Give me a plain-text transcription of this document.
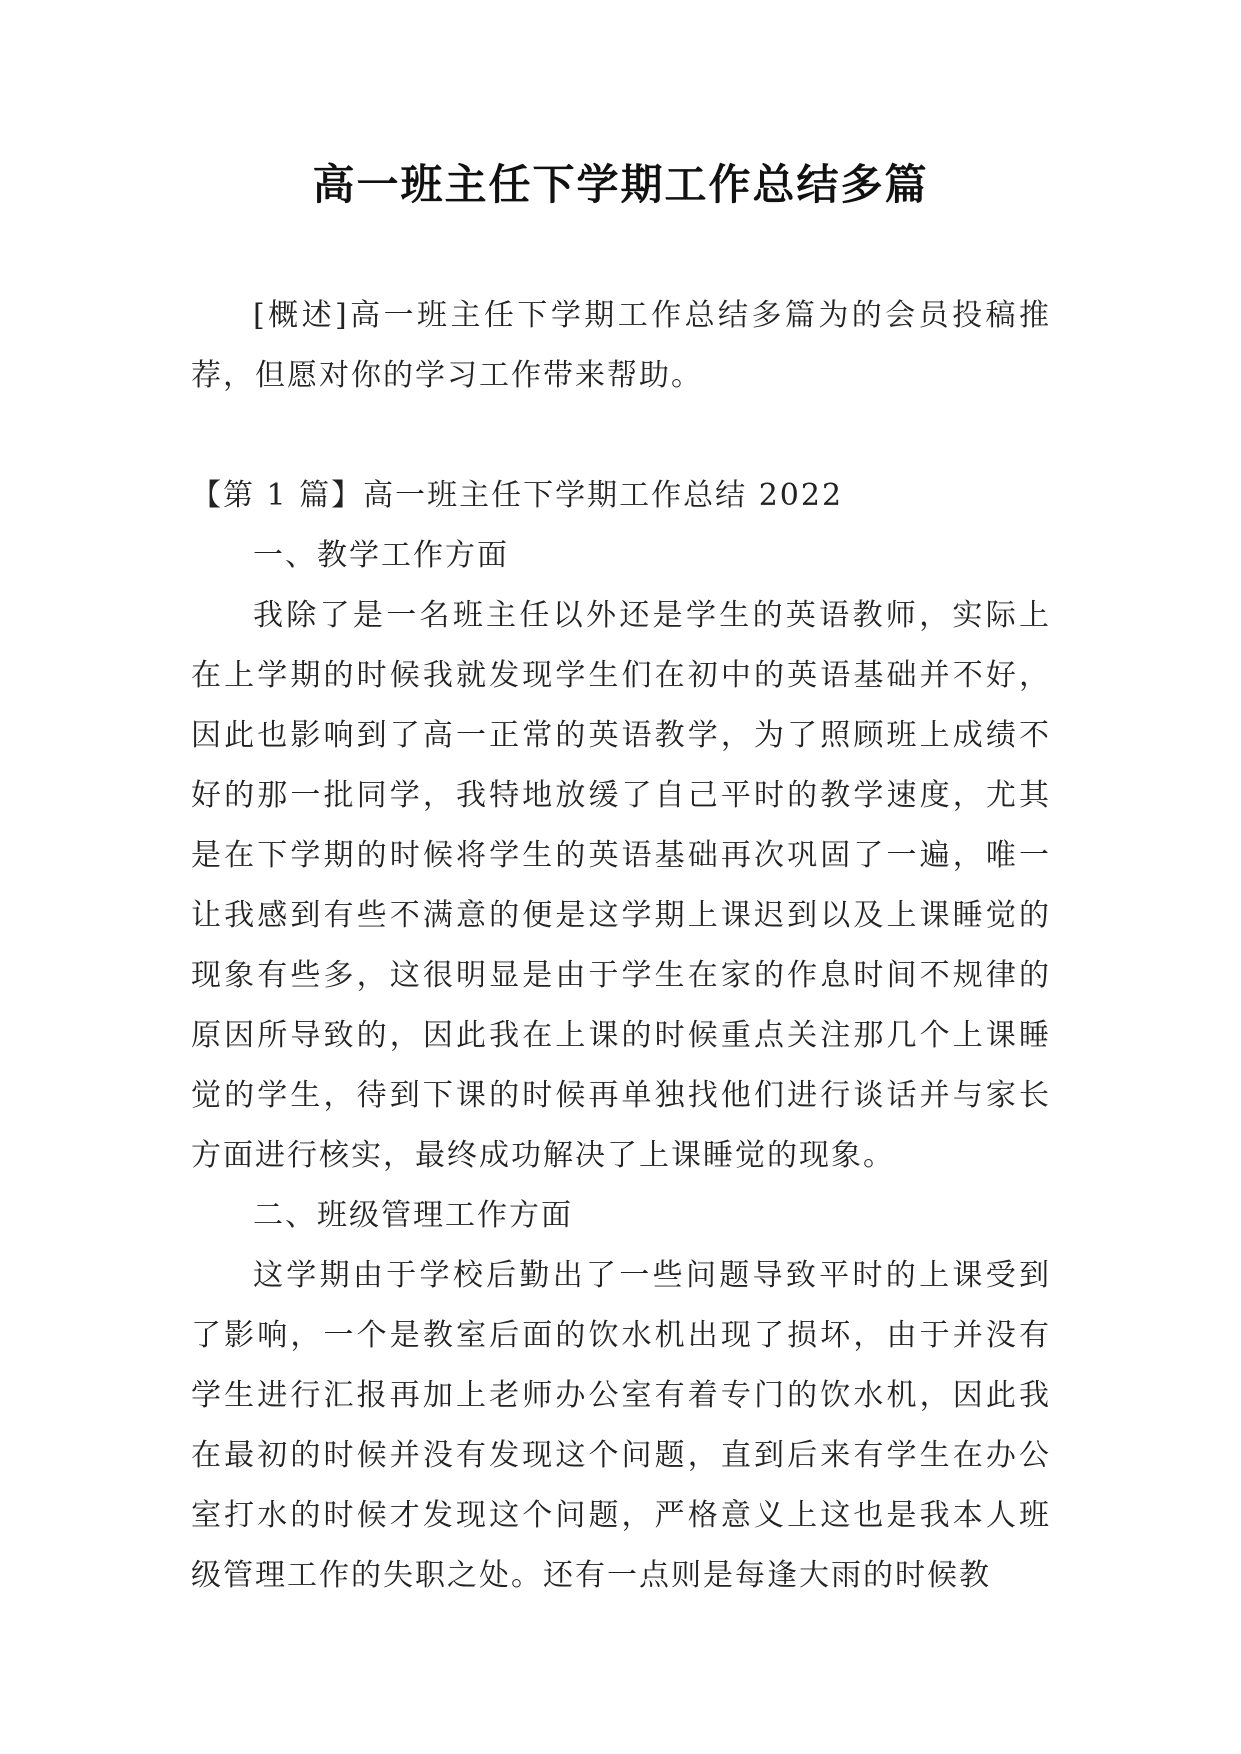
高一班主任下学期工作总结多篇

[概述]高一班主任下学期工作总结多篇为的会员投稿推荐，但愿对你的学习工作带来帮助。

【第 1 篇】高一班主任下学期工作总结 2022

一、教学工作方面

我除了是一名班主任以外还是学生的英语教师，实际上在上学期的时候我就发现学生们在初中的英语基础并不好，因此也影响到了高一正常的英语教学，为了照顾班上成绩不好的那一批同学，我特地放缓了自己平时的教学速度，尤其是在下学期的时候将学生的英语基础再次巩固了一遍，唯一让我感到有些不满意的便是这学期上课迟到以及上课睡觉的现象有些多，这很明显是由于学生在家的作息时间不规律的原因所导致的，因此我在上课的时候重点关注那几个上课睡觉的学生，待到下课的时候再单独找他们进行谈话并与家长方面进行核实，最终成功解决了上课睡觉的现象。

二、班级管理工作方面

这学期由于学校后勤出了一些问题导致平时的上课受到了影响，一个是教室后面的饮水机出现了损坏，由于并没有学生进行汇报再加上老师办公室有着专门的饮水机，因此我在最初的时候并没有发现这个问题，直到后来有学生在办公室打水的时候才发现这个问题，严格意义上这也是我本人班级管理工作的失职之处。还有一点则是每逢大雨的时候教
